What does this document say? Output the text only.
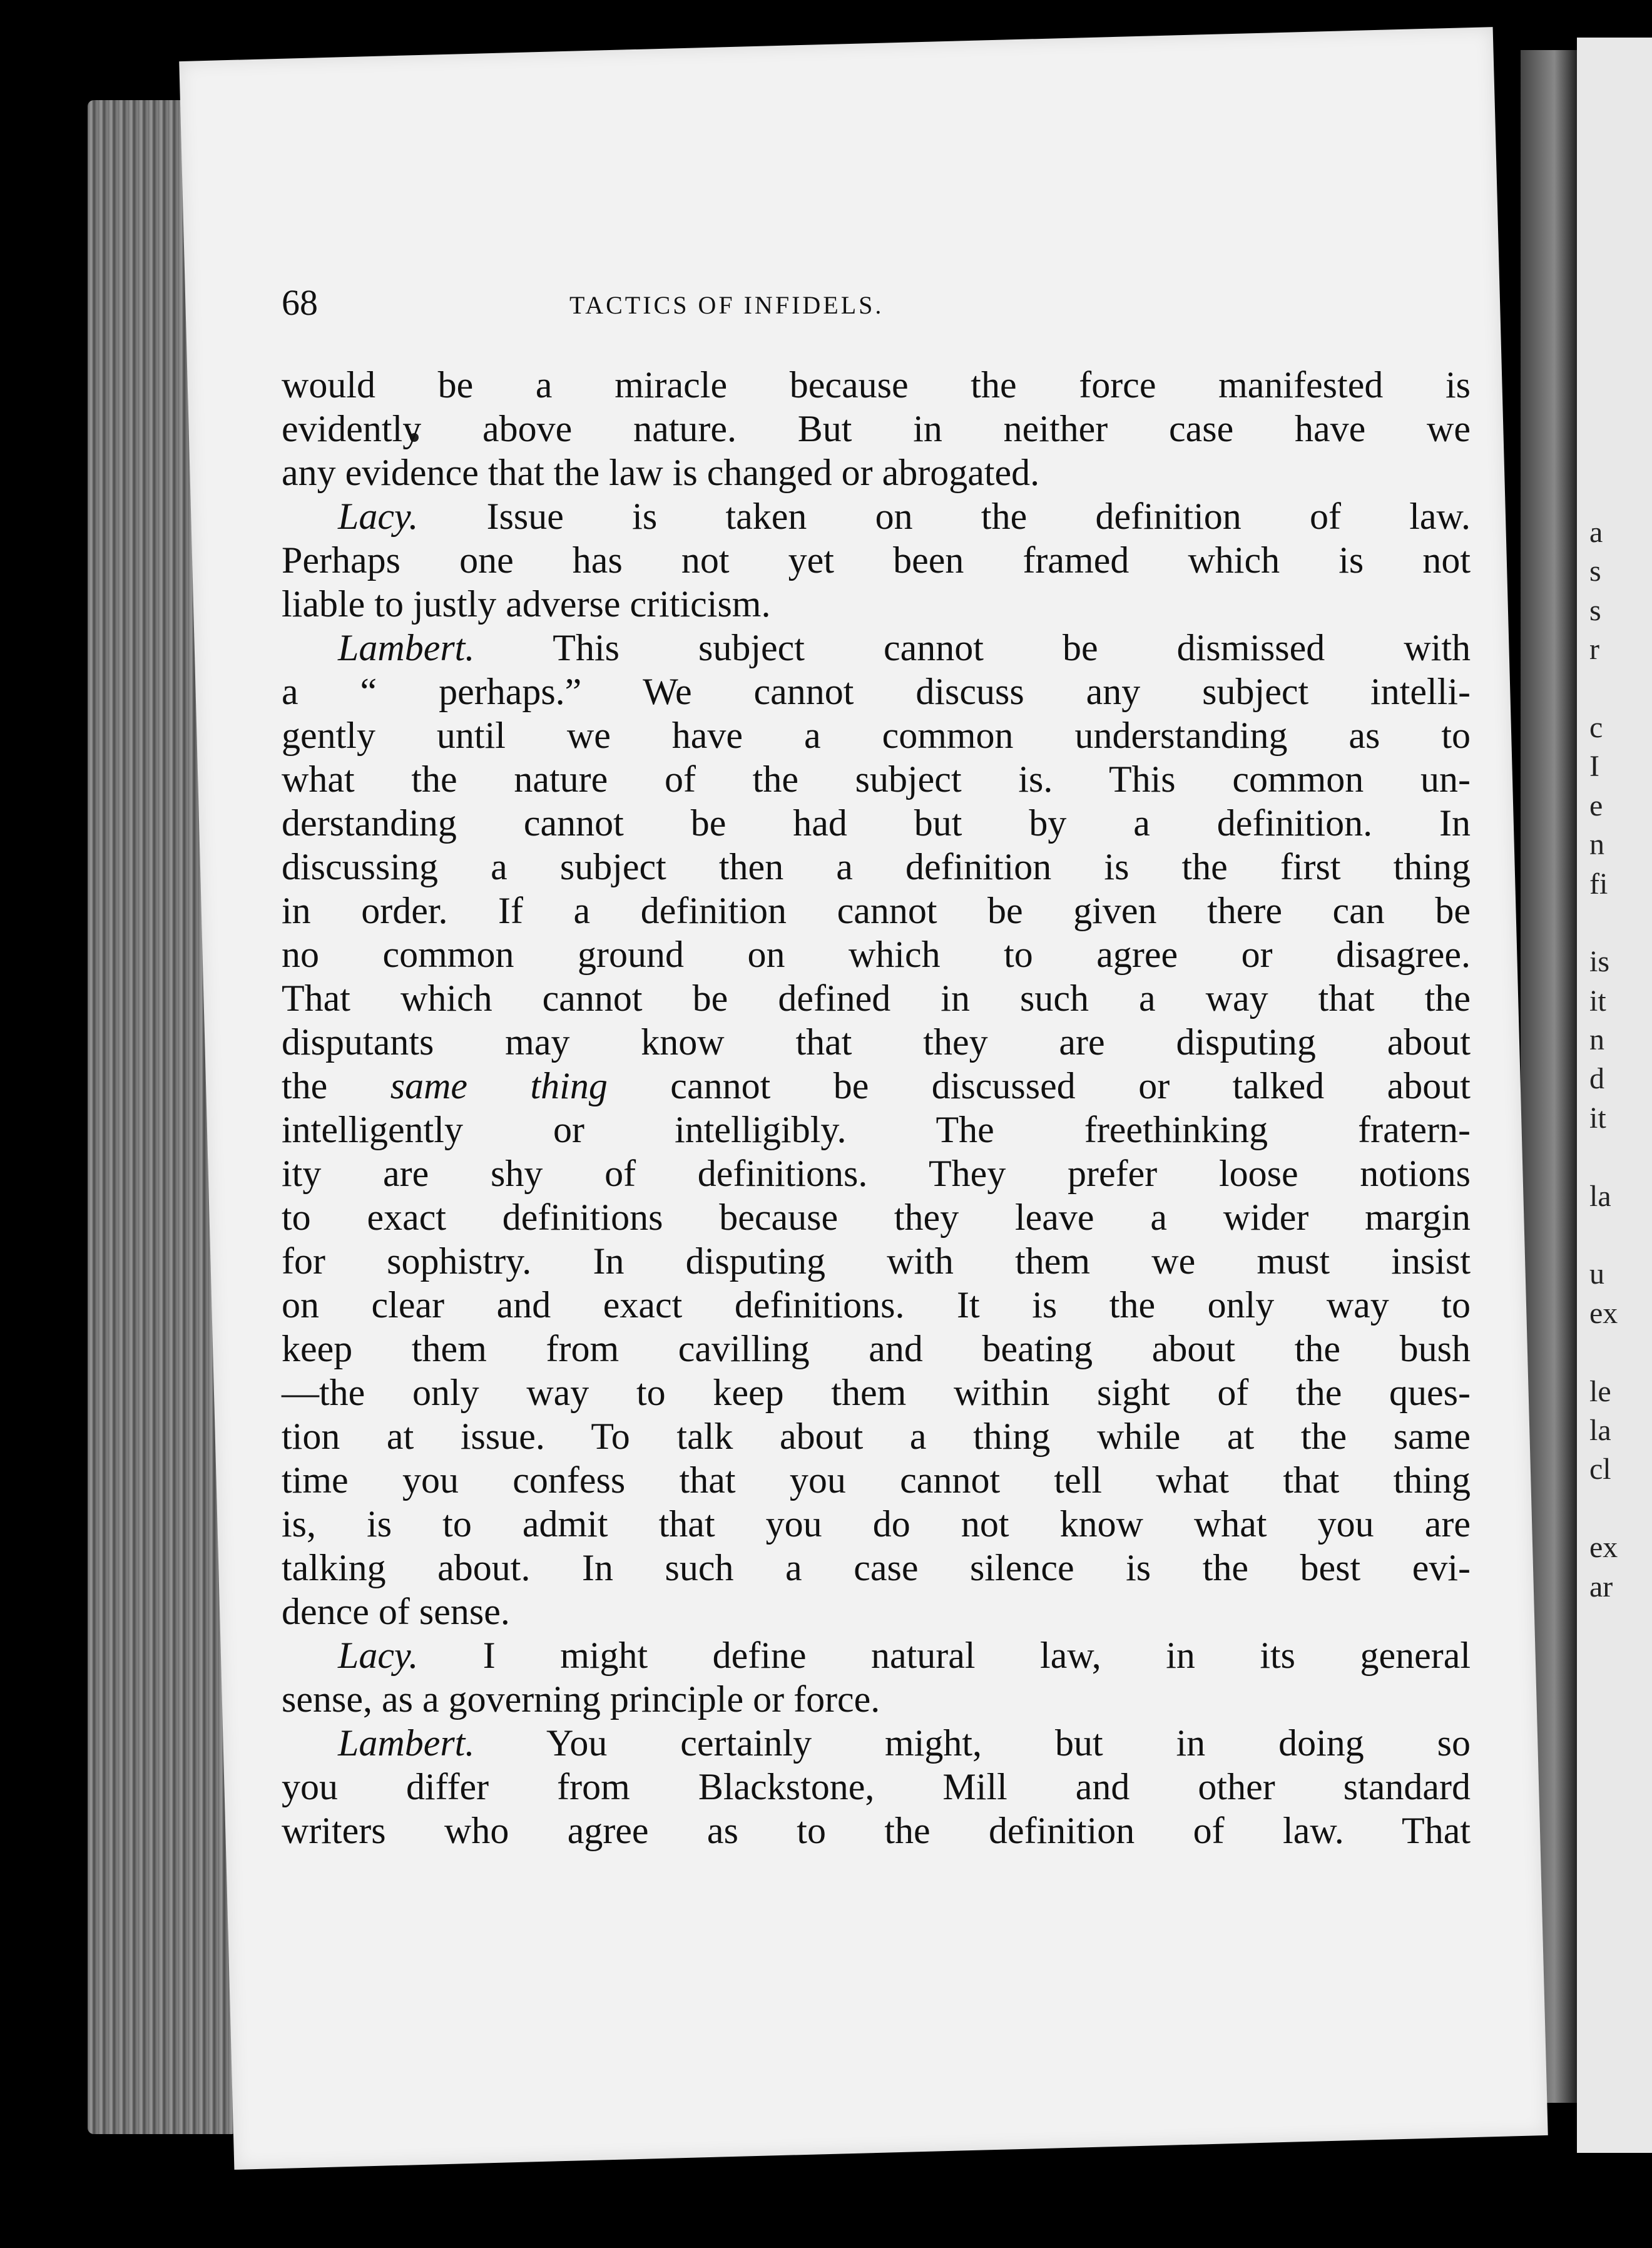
a
s
s
r

c
I
e
n
fi

is
it
n
d
it

la

u
ex

le
la
cl

ex
ar
68	TACTICS OF INFIDELS.
would be a miracle because the force manifested is
evidently above nature. But in neither case have we
any evidence that the law is changed or abrogated.
Lacy. Issue is taken on the definition of law.
Perhaps one has not yet been framed which is not
liable to justly adverse criticism.
Lambert. This subject cannot be dismissed with
a “ perhaps.” We cannot discuss any subject intelli-
gently until we have a common understanding as to
what the nature of the subject is. This common un-
derstanding cannot be had but by a definition. In
discussing a subject then a definition is the first thing
in order. If a definition cannot be given there can be
no common ground on which to agree or disagree.
That which cannot be defined in such a way that the
disputants may know that they are disputing about
the same thing cannot be discussed or talked about
intelligently or intelligibly. The freethinking fratern-
ity are shy of definitions. They prefer loose notions
to exact definitions because they leave a wider margin
for sophistry. In disputing with them we must insist
on clear and exact definitions. It is the only way to
keep them from cavilling and beating about the bush
—the only way to keep them within sight of the ques-
tion at issue. To talk about a thing while at the same
time you confess that you cannot tell what that thing
is, is to admit that you do not know what you are
talking about. In such a case silence is the best evi-
dence of sense.
Lacy. I might define natural law, in its general
sense, as a governing principle or force.
Lambert. You certainly might, but in doing so
you differ from Blackstone, Mill and other standard
writers who agree as to the definition of law. That
